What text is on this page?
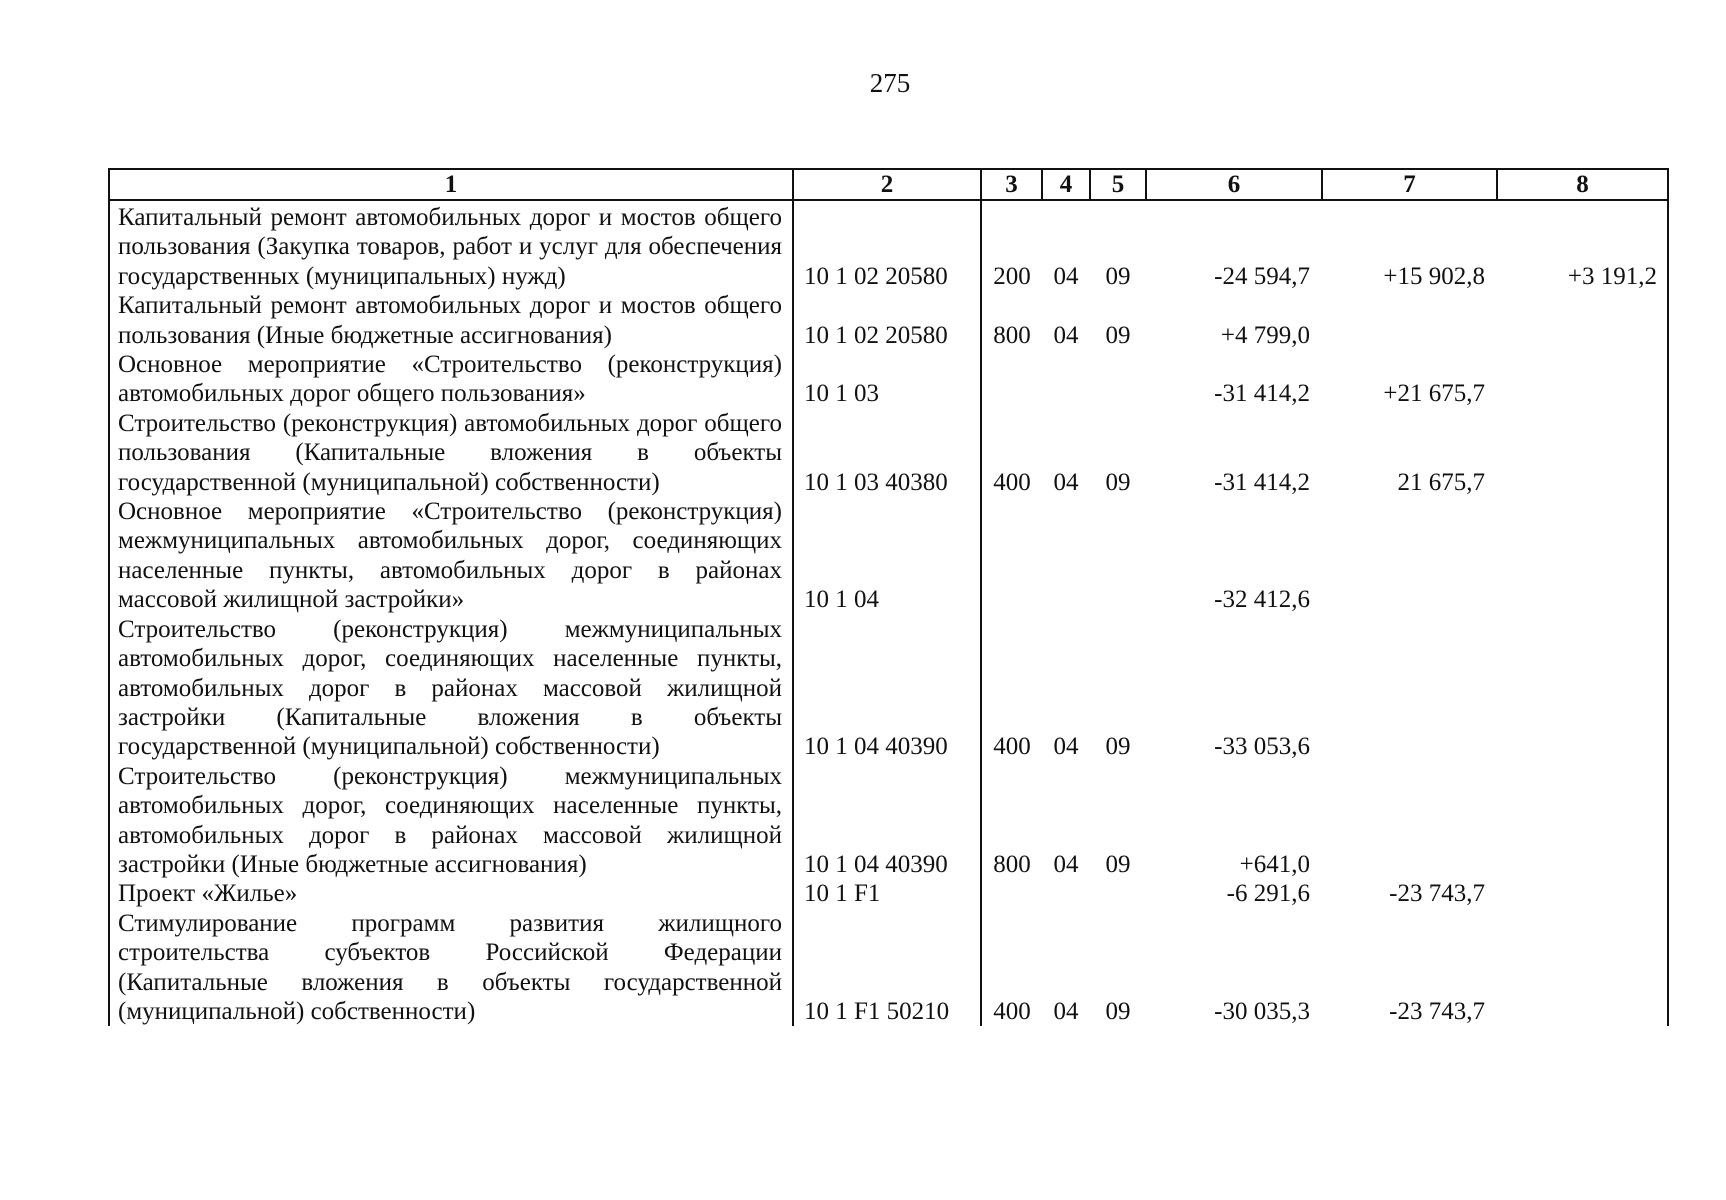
275
1	2	3	4	5	6	7	8
Капитальный ремонт автомобильных дорог и мостов общего пользования (Закупка товаров, работ и услуг для обеспечения государственных (муниципальных) нужд)	10 1 02 20580	200	04	09	-24 594,7	+15 902,8	+3 191,2
Капитальный ремонт автомобильных дорог и мостов общего пользования (Иные бюджетные ассигнования)	10 1 02 20580	800	04	09	+4 799,0		
Основное мероприятие «Строительство (реконструкция) автомобильных дорог общего пользования»	10 1 03				-31 414,2	+21 675,7	
Строительство (реконструкция) автомобильных дорог общего пользования (Капитальные вложения в объекты государственной (муниципальной) собственности)	10 1 03 40380	400	04	09	-31 414,2	21 675,7	
Основное мероприятие «Строительство (реконструкция) межмуниципальных автомобильных дорог, соединяющих населенные пункты, автомобильных дорог в районах массовой жилищной застройки»	10 1 04				-32 412,6		
Строительство (реконструкция) межмуниципальных автомобильных дорог, соединяющих населенные пункты, автомобильных дорог в районах массовой жилищной застройки (Капитальные вложения в объекты государственной (муниципальной) собственности)	10 1 04 40390	400	04	09	-33 053,6		
Строительство (реконструкция) межмуниципальных автомобильных дорог, соединяющих населенные пункты, автомобильных дорог в районах массовой жилищной застройки (Иные бюджетные ассигнования)	10 1 04 40390	800	04	09	+641,0		
Проект «Жилье»	10 1 F1				-6 291,6	-23 743,7	
Стимулирование программ развития жилищного строительства субъектов Российской Федерации (Капитальные вложения в объекты государственной (муниципальной) собственности)	10 1 F1 50210	400	04	09	-30 035,3	-23 743,7	
